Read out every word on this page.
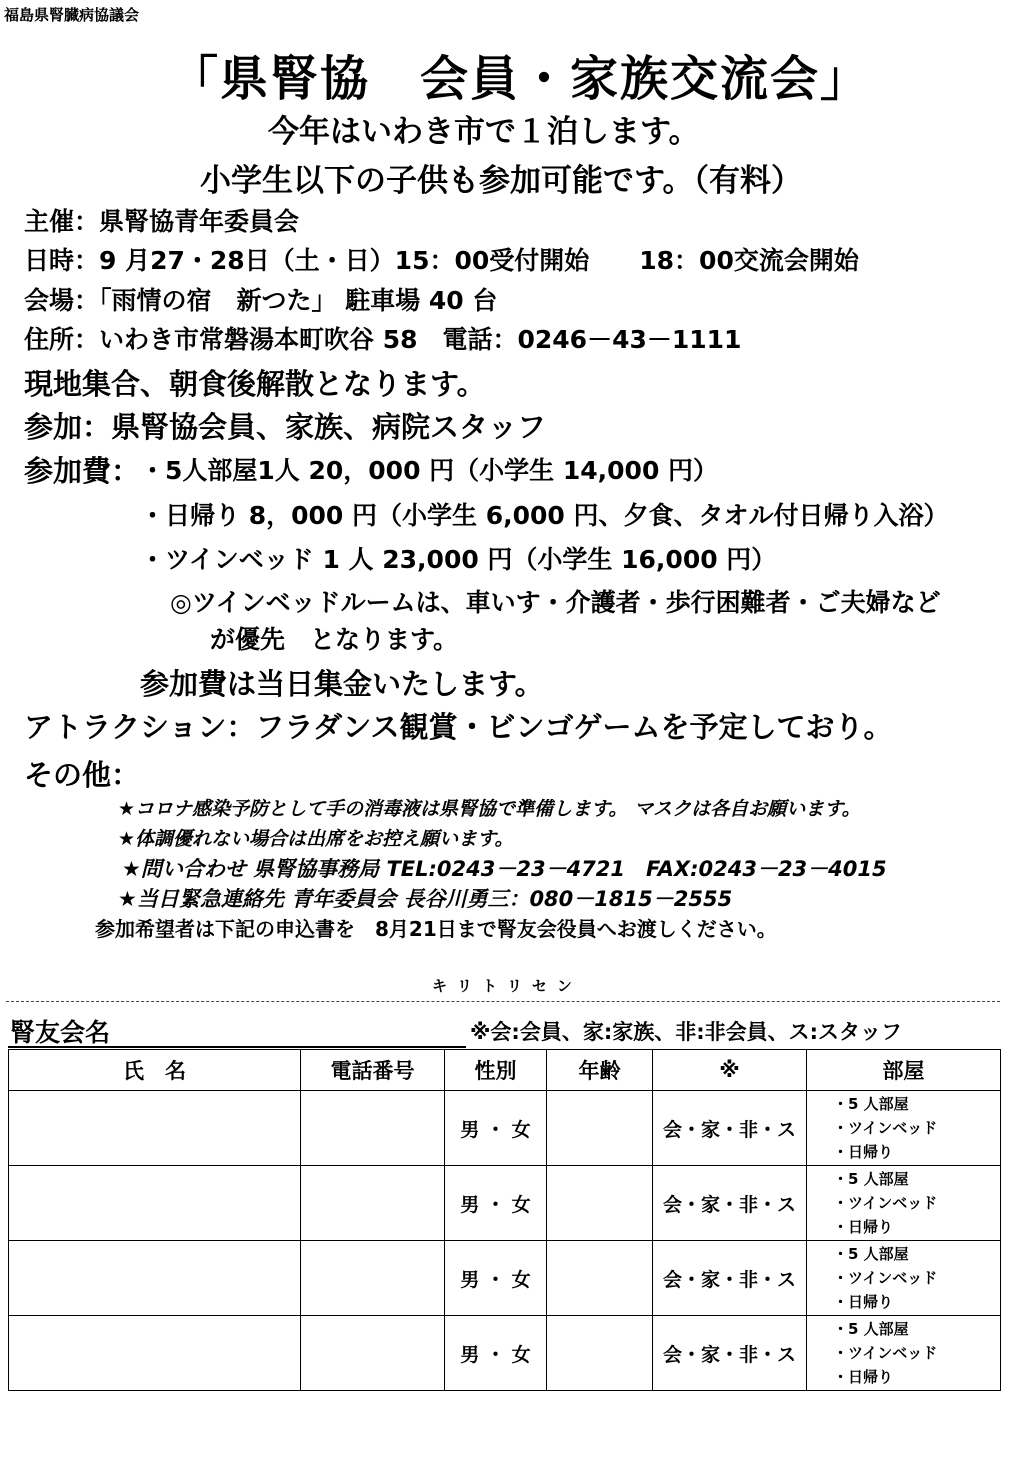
福島県腎臓病協議会
「県腎協　会員・家族交流会」
今年はいわき市で１泊します。
小学生以下の子供も参加可能です。（有料）
主催：県腎協青年委員会
日時：9 月27・28日（土・日）15：00受付開始　　18：00交流会開始
会場：「雨情の宿　新つた」 駐車場 40 台
住所：いわき市常磐湯本町吹谷 58　電話：0246－43－1111
現地集合、朝食後解散となります。
参加：県腎協会員、家族、病院スタッフ
参加費： ・5人部屋1人 20，000 円（小学生 14,000 円）
・日帰り 8，000 円（小学生 6,000 円、夕食、タオル付日帰り入浴）
・ツインベッド 1 人 23,000 円（小学生 16,000 円）
◎ツインベッドルームは、車いす・介護者・歩行困難者・ご夫婦など
が優先　となります。
参加費は当日集金いたします。
アトラクション：フラダンス観賞・ビンゴゲームを予定しており。
その他：
★コロナ感染予防として手の消毒液は県腎協で準備します。 マスクは各自お願います。
★体調優れない場合は出席をお控え願います。
★問い合わせ 県腎協事務局 TEL:0243－23－4721　FAX:0243－23－4015
★当日緊急連絡先 青年委員会 長谷川勇三：080－1815－2555
参加希望者は下記の申込書を　8月21日まで腎友会役員へお渡しください。
キリトリセン
腎友会名	※会:会員、家:家族、非:非会員、ス:スタッフ
氏　名	電話番号	性別	年齢	※	部屋
		男 ・ 女		会・家・非・ス	・5 人部屋
・ツインベッド
・日帰り

		男 ・ 女		会・家・非・ス	・5 人部屋
・ツインベッド
・日帰り

		男 ・ 女		会・家・非・ス	・5 人部屋
・ツインベッド
・日帰り

		男 ・ 女		会・家・非・ス	・5 人部屋
・ツインベッド
・日帰り
